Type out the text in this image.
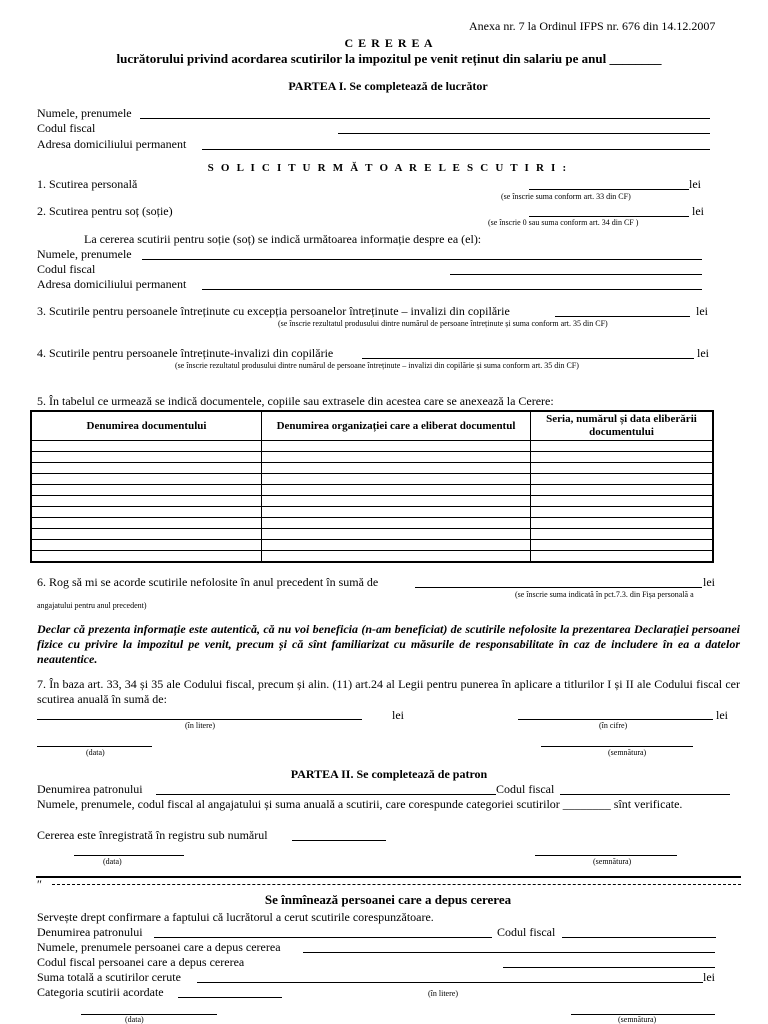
Anexa nr. 7 la Ordinul IFPS nr. 676 din 14.12.2007
C E R E R E A
lucrătorului privind acordarea scutirilor la impozitul pe venit reținut din salariu pe anul ________
PARTEA I. Se completează de lucrător
Numele, prenumele
Codul fiscal
Adresa domiciliului permanent
S O L I C I T U R M Ă T O A R E L E S C U T I R I :
1. Scutirea personală	lei
(se înscrie suma conform art. 33 din CF)
2. Scutirea pentru soț (soție)	lei
(se înscrie 0 sau suma conform art. 34 din CF )
La cererea scutirii pentru soție (soț) se indică următoarea informație despre ea (el):
Numele, prenumele
Codul fiscal
Adresa domiciliului permanent
3. Scutirile pentru persoanele întreținute cu excepția persoanelor întreținute – invalizi din copilărie	lei
(se înscrie rezultatul produsului dintre numărul de persoane întreținute și suma conform art. 35 din CF)
4. Scutirile pentru persoanele întreținute-invalizi din copilărie	lei
(se înscrie rezultatul produsului dintre numărul de persoane întreținute – invalizi din copilărie și suma conform art. 35 din CF)
5. În tabelul ce urmează se indică documentele, copiile sau extrasele din acestea care se anexează la Cerere:
Denumirea documentului	Denumirea organizației care a eliberat documentul	Seria, numărul și data eliberării documentului

6. Rog să mi se acorde scutirile nefolosite în anul precedent în sumă de	lei
(se înscrie suma indicată în pct.7.3. din Fișa personală a
angajatului pentru anul precedent)
Declar că prezenta informație este autentică, că nu voi beneficia (n-am beneficiat) de scutirile nefolosite la prezentarea Declarației persoanei fizice cu privire la impozitul pe venit, precum și că sînt familiarizat cu măsurile de responsabilitate în caz de includere în ea a datelor neautentice.
7. În baza art. 33, 34 și 35 ale Codului fiscal, precum și alin. (11) art.24 al Legii pentru punerea în aplicare a titlurilor I și II ale Codului fiscal cer scutirea anuală în sumă de:
lei
(în litere)
lei
(în cifre)
(data)	(semnătura)
PARTEA II. Se completează de patron
Denumirea patronului	Codul fiscal
Numele, prenumele, codul fiscal al angajatului și suma anuală a scutirii, care corespunde categoriei scutirilor ________ sînt verificate.
Cererea este înregistrată în registru sub numărul
(data)	(semnătura)
″
Se înmînează persoanei care a depus cererea
Servește drept confirmare a faptului că lucrătorul a cerut scutirile corespunzătoare.
Denumirea patronului	Codul fiscal
Numele, prenumele persoanei care a depus cererea
Codul fiscal persoanei care a depus cererea
Suma totală a scutirilor cerute	lei
Categoria scutirii acordate	(în litere)
(data)	(semnătura)
